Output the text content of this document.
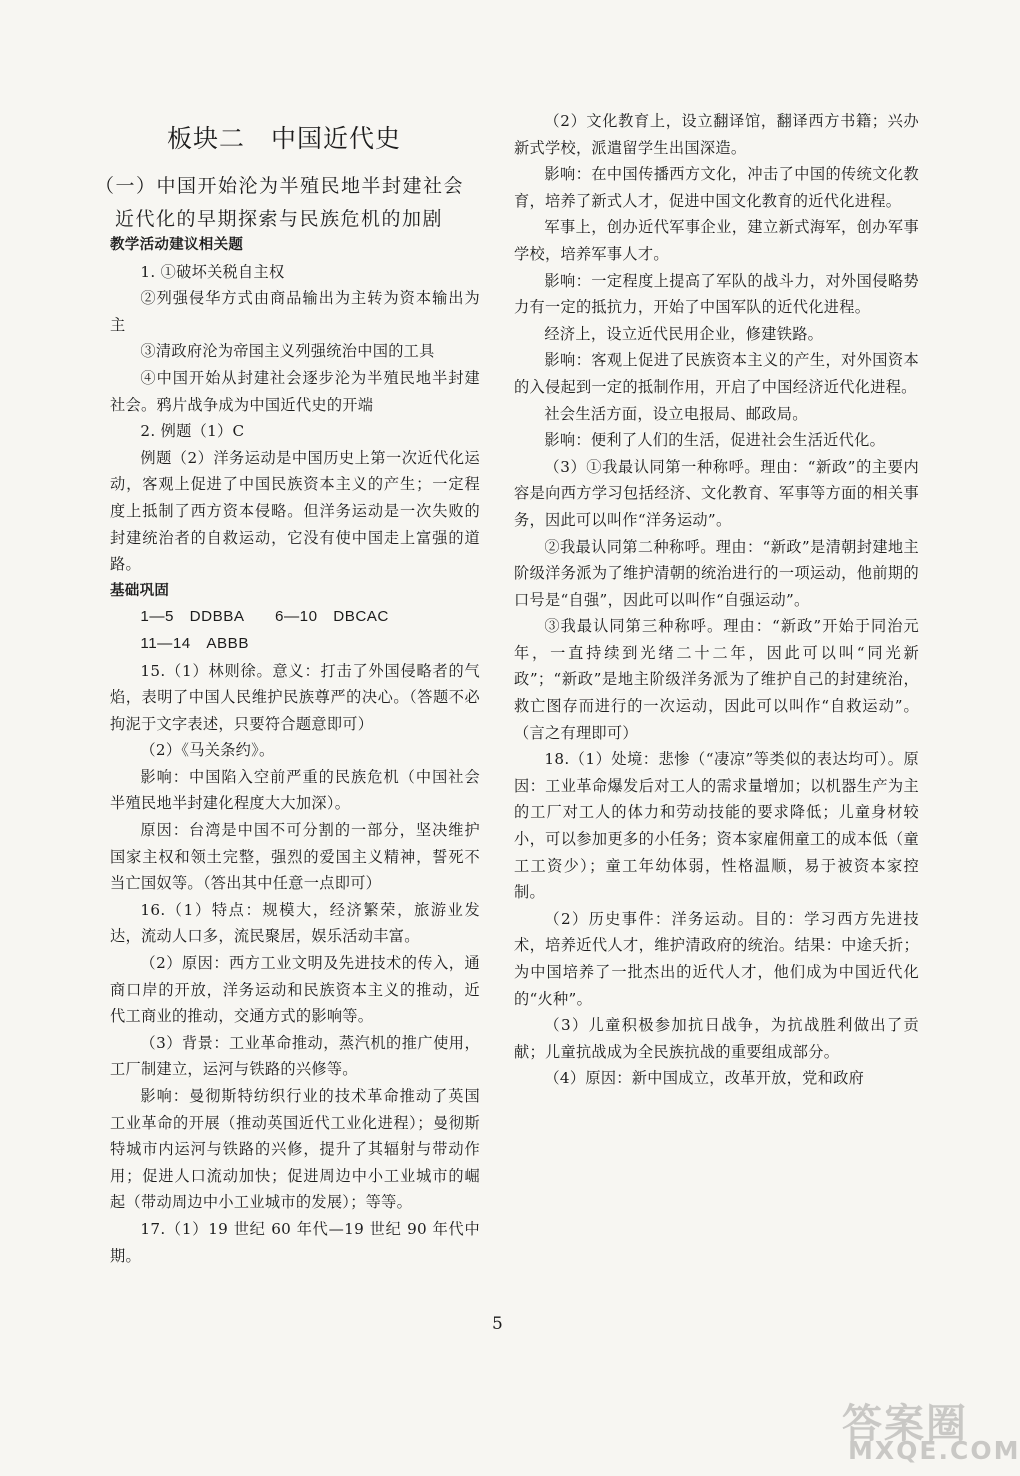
板块二　中国近代史
（一）中国开始沦为半殖民地半封建社会
近代化的早期探索与民族危机的加剧

教学活动建议相关题

1. ①破坏关税自主权

②列强侵华方式由商品输出为主转为资本输出为主

③清政府沦为帝国主义列强统治中国的工具

④中国开始从封建社会逐步沦为半殖民地半封建社会。鸦片战争成为中国近代史的开端

2. 例题（1）C

例题（2）洋务运动是中国历史上第一次近代化运动，客观上促进了中国民族资本主义的产生；一定程度上抵制了西方资本侵略。但洋务运动是一次失败的封建统治者的自救运动，它没有使中国走上富强的道路。

基础巩固

1—5　DDBBA　　6—10　DBCAC

11—14　ABBB

15.（1）林则徐。意义：打击了外国侵略者的气焰，表明了中国人民维护民族尊严的决心。（答题不必拘泥于文字表述，只要符合题意即可）

（2）《马关条约》。

影响：中国陷入空前严重的民族危机（中国社会半殖民地半封建化程度大大加深）。

原因：台湾是中国不可分割的一部分，坚决维护国家主权和领土完整，强烈的爱国主义精神，誓死不当亡国奴等。（答出其中任意一点即可）

16.（1）特点：规模大，经济繁荣，旅游业发达，流动人口多，流民聚居，娱乐活动丰富。

（2）原因：西方工业文明及先进技术的传入，通商口岸的开放，洋务运动和民族资本主义的推动，近代工商业的推动，交通方式的影响等。

（3）背景：工业革命推动，蒸汽机的推广使用，工厂制建立，运河与铁路的兴修等。

影响：曼彻斯特纺织行业的技术革命推动了英国工业革命的开展（推动英国近代工业化进程）；曼彻斯特城市内运河与铁路的兴修，提升了其辐射与带动作用；促进人口流动加快；促进周边中小工业城市的崛起（带动周边中小工业城市的发展）；等等。

17.（1）19 世纪 60 年代—19 世纪 90 年代中期。

（2）文化教育上，设立翻译馆，翻译西方书籍；兴办新式学校，派遣留学生出国深造。

影响：在中国传播西方文化，冲击了中国的传统文化教育，培养了新式人才，促进中国文化教育的近代化进程。

军事上，创办近代军事企业，建立新式海军，创办军事学校，培养军事人才。

影响：一定程度上提高了军队的战斗力，对外国侵略势力有一定的抵抗力，开始了中国军队的近代化进程。

经济上，设立近代民用企业，修建铁路。

影响：客观上促进了民族资本主义的产生，对外国资本的入侵起到一定的抵制作用，开启了中国经济近代化进程。

社会生活方面，设立电报局、邮政局。

影响：便利了人们的生活，促进社会生活近代化。

（3）①我最认同第一种称呼。理由：“新政”的主要内容是向西方学习包括经济、文化教育、军事等方面的相关事务，因此可以叫作“洋务运动”。

②我最认同第二种称呼。理由：“新政”是清朝封建地主阶级洋务派为了维护清朝的统治进行的一项运动，他前期的口号是“自强”，因此可以叫作“自强运动”。

③我最认同第三种称呼。理由：“新政”开始于同治元年，一直持续到光绪二十二年，因此可以叫“同光新政”；“新政”是地主阶级洋务派为了维护自己的封建统治，救亡图存而进行的一次运动，因此可以叫作“自救运动”。（言之有理即可）

18.（1）处境：悲惨（“凄凉”等类似的表达均可）。原因：工业革命爆发后对工人的需求量增加；以机器生产为主的工厂对工人的体力和劳动技能的要求降低；儿童身材较小，可以参加更多的小任务；资本家雇佣童工的成本低（童工工资少）；童工年幼体弱，性格温顺，易于被资本家控制。

（2）历史事件：洋务运动。目的：学习西方先进技术，培养近代人才，维护清政府的统治。结果：中途夭折；为中国培养了一批杰出的近代人才，他们成为中国近代化的“火种”。

（3）儿童积极参加抗日战争，为抗战胜利做出了贡献；儿童抗战成为全民族抗战的重要组成部分。

（4）原因：新中国成立，改革开放，党和政府

5
答案圈
MXQE.COM
